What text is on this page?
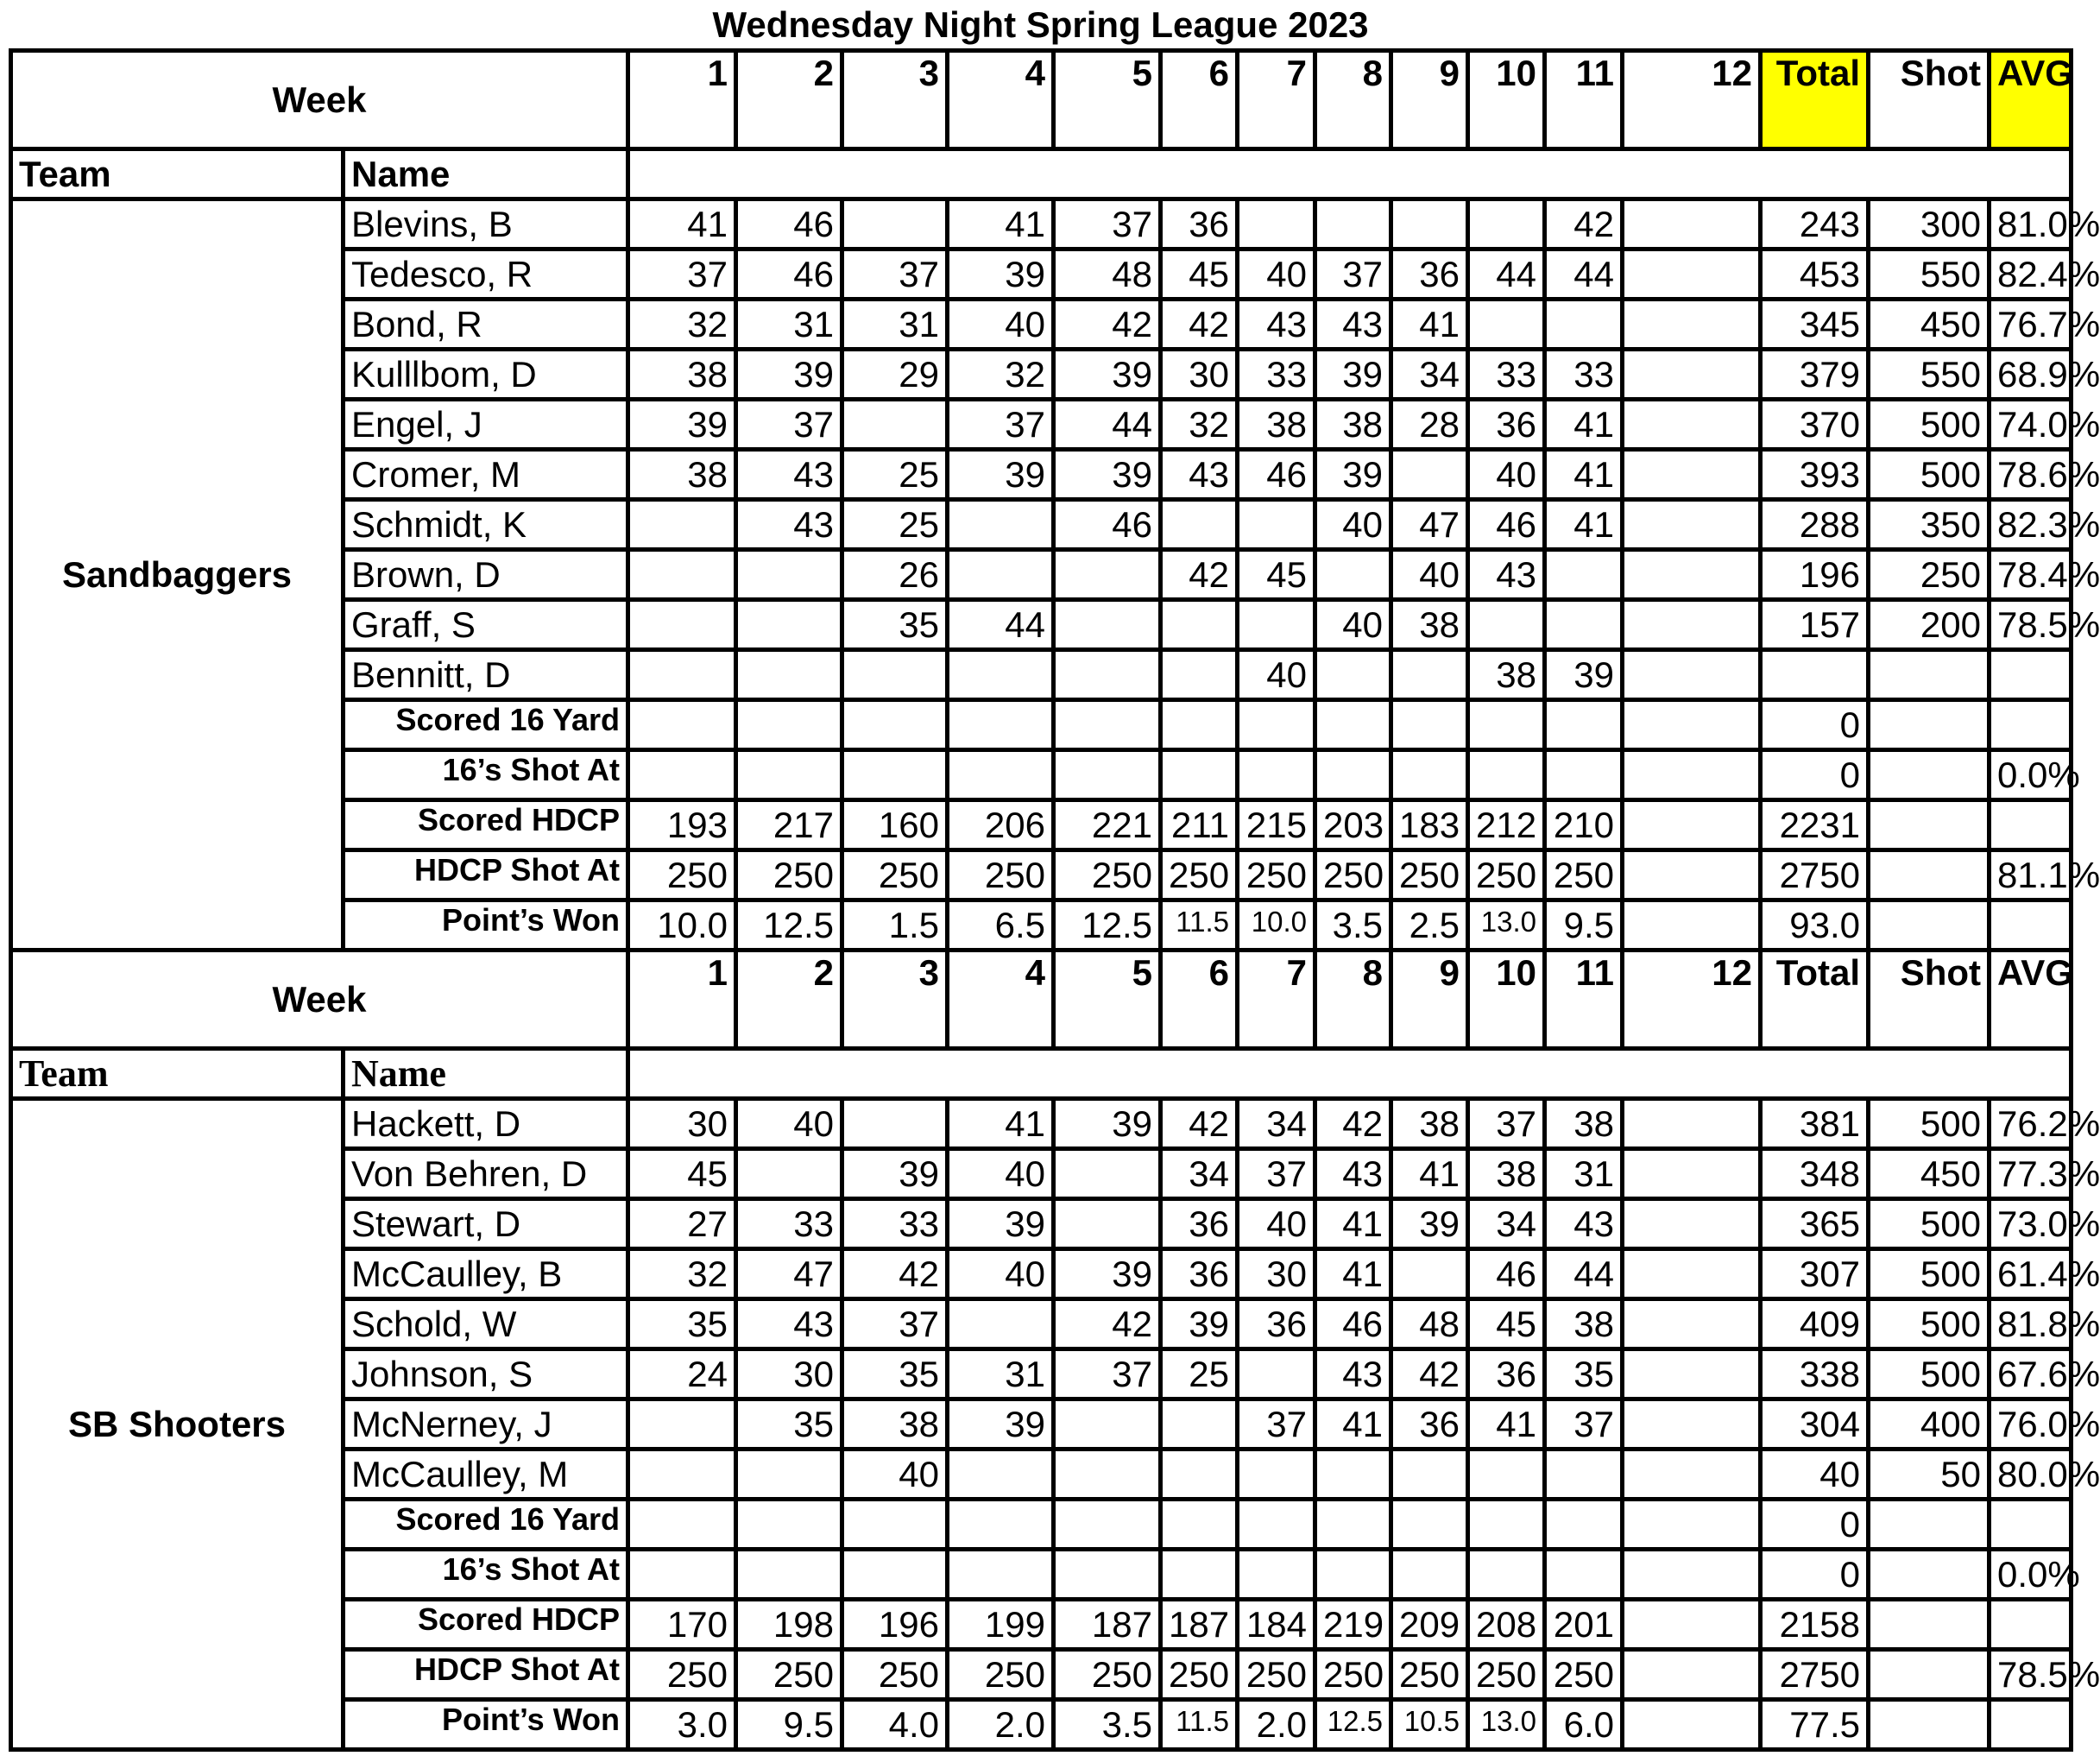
Wednesday Night Spring League 2023
Week		1	2	3	4	5	6	7	8	9	10	11	12	Total	Shot	AVG
Team	Name															
Sandbaggers	Blevins, B	41	46		41	37	36					42		243	300	81.0%
	Tedesco, R	37	46	37	39	48	45	40	37	36	44	44		453	550	82.4%
	Bond, R	32	31	31	40	42	42	43	43	41				345	450	76.7%
	Kulllbom, D	38	39	29	32	39	30	33	39	34	33	33		379	550	68.9%
	Engel, J	39	37		37	44	32	38	38	28	36	41		370	500	74.0%
	Cromer, M	38	43	25	39	39	43	46	39		40	41		393	500	78.6%
	Schmidt, K		43	25		46			40	47	46	41		288	350	82.3%
	Brown, D			26			42	45		40	43			196	250	78.4%
	Graff, S			35	44				40	38				157	200	78.5%
	Bennitt, D							40			38	39				
	Scored 16 Yard													0		
	16’s Shot At													0		0.0%
	Scored HDCP	193	217	160	206	221	211	215	203	183	212	210		2231		
	HDCP Shot At	250	250	250	250	250	250	250	250	250	250	250		2750		81.1%
	Point’s Won	10.0	12.5	1.5	6.5	12.5	11.5	10.0	3.5	2.5	13.0	9.5		93.0		
Week		1	2	3	4	5	6	7	8	9	10	11	12	Total	Shot	AVG
Team	Name															
SB Shooters	Hackett, D	30	40		41	39	42	34	42	38	37	38		381	500	76.2%
	Von Behren, D	45		39	40		34	37	43	41	38	31		348	450	77.3%
	Stewart, D	27	33	33	39		36	40	41	39	34	43		365	500	73.0%
	McCaulley, B	32	47	42	40	39	36	30	41		46	44		307	500	61.4%
	Schold, W	35	43	37		42	39	36	46	48	45	38		409	500	81.8%
	Johnson, S	24	30	35	31	37	25		43	42	36	35		338	500	67.6%
	McNerney, J		35	38	39			37	41	36	41	37		304	400	76.0%
	McCaulley, M			40										40	50	80.0%
	Scored 16 Yard													0		
	16’s Shot At													0		0.0%
	Scored HDCP	170	198	196	199	187	187	184	219	209	208	201		2158		
	HDCP Shot At	250	250	250	250	250	250	250	250	250	250	250		2750		78.5%
	Point’s Won	3.0	9.5	4.0	2.0	3.5	11.5	2.0	12.5	10.5	13.0	6.0		77.5		
